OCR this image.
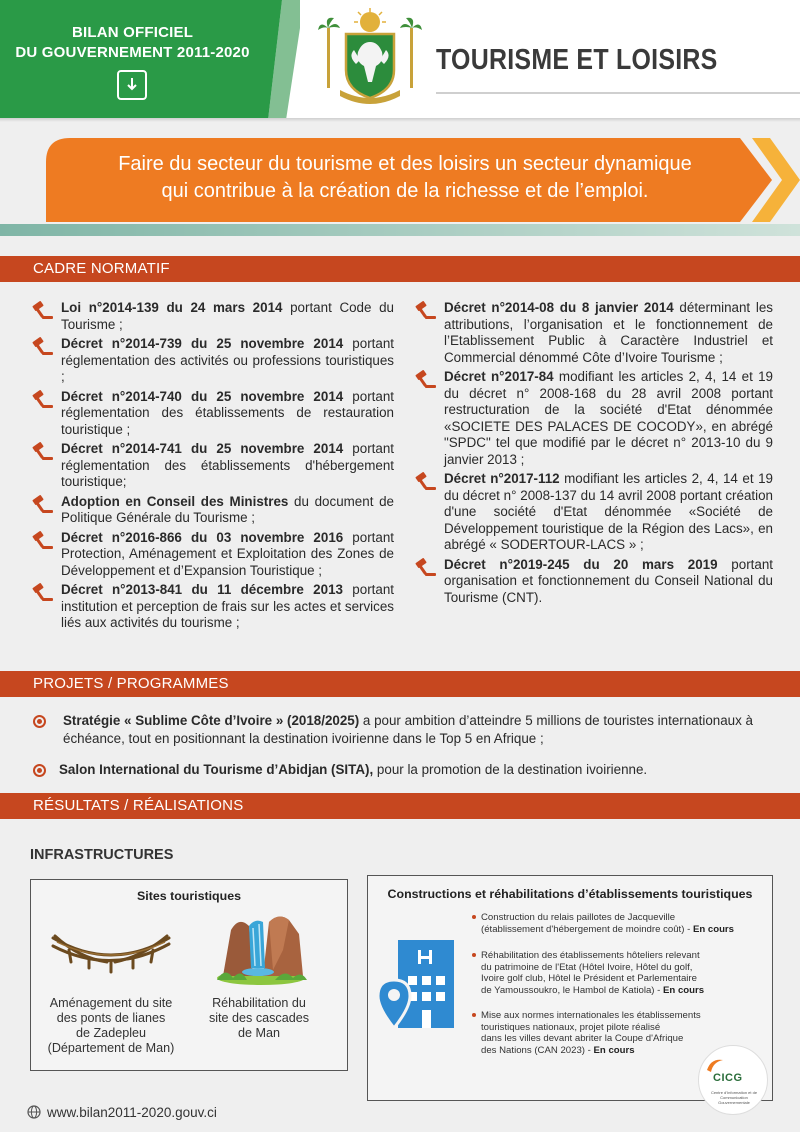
BILAN OFFICIEL
DU GOUVERNEMENT 2011-2020	TOURISME ET LOISIRS
Faire du secteur du tourisme et des loisirs un secteur dynamique
qui contribue à la création de la richesse et de l’emploi.
CADRE NORMATIF
Loi n°2014-139 du 24 mars 2014 portant Code du Tourisme ;
Décret n°2014-739 du 25 novembre 2014 portant réglementation des activités ou professions touristiques ;
Décret n°2014-740 du 25 novembre 2014 portant réglementation des établissements de restauration touristique ;
Décret n°2014-741 du 25 novembre 2014 portant réglementation des établissements d'hébergement touristique;
Adoption en Conseil des Ministres du document de Politique Générale du Tourisme ;
Décret n°2016-866 du 03 novembre 2016 portant Protection, Aménagement et Exploitation des Zones de Développement et d’Expansion Touristique ;
Décret n°2013-841 du 11 décembre 2013 portant institution et perception de frais sur les actes et services liés aux activités du tourisme ;
Décret n°2014-08 du 8 janvier 2014 déterminant les attributions, l’organisation et le fonctionnement de l’Etablissement Public à Caractère Industriel et Commercial dénommé Côte d’Ivoire Tourisme ;
Décret n°2017-84 modifiant les articles 2, 4, 14 et 19 du décret n° 2008-168 du 28 avril 2008 portant restructuration de la société d'Etat dénommée «SOCIETE DES PALACES DE COCODY», en abrégé "SPDC" tel que modifié par le décret n° 2013-10 du 9 janvier 2013 ;
Décret n°2017-112 modifiant les articles 2, 4, 14 et 19 du décret n° 2008-137 du 14 avril 2008 portant création d'une société d'Etat dénommée «Société de Développement touristique de la Région des Lacs», en abrégé « SODERTOUR-LACS » ;
Décret n°2019-245 du 20 mars 2019 portant organisation et fonctionnement du Conseil National du Tourisme (CNT).
PROJETS / PROGRAMMES
Stratégie « Sublime Côte d’Ivoire » (2018/2025) a pour ambition d’atteindre 5 millions de touristes internationaux à échéance, tout en positionnant la destination ivoirienne dans le Top 5 en Afrique ;
Salon International du Tourisme d’Abidjan (SITA), pour la promotion de la destination ivoirienne.
RÉSULTATS / RÉALISATIONS
INFRASTRUCTURES
Sites touristiques
Aménagement du site
des ponts de lianes
de Zadepleu
(Département de Man)
Réhabilitation du
site des cascades
de Man
Constructions et réhabilitations d’établissements touristiques
Construction du relais paillotes de Jacqueville
(établissement d'hébergement de moindre coût) - En cours
Réhabilitation des établissements hôteliers relevant
du patrimoine de l'Etat (Hôtel Ivoire, Hôtel du golf,
Ivoire golf club, Hôtel le Président et Parlementaire
de Yamoussoukro, le Hambol de Katiola) - En cours
Mise aux normes internationales les établissements
touristiques nationaux, projet pilote réalisé
dans les villes devant abriter la Coupe d'Afrique
des Nations (CAN 2023) - En cours
CICG
Centre d'Information et de Communication Gouvernementale
www.bilan2011-2020.gouv.ci
